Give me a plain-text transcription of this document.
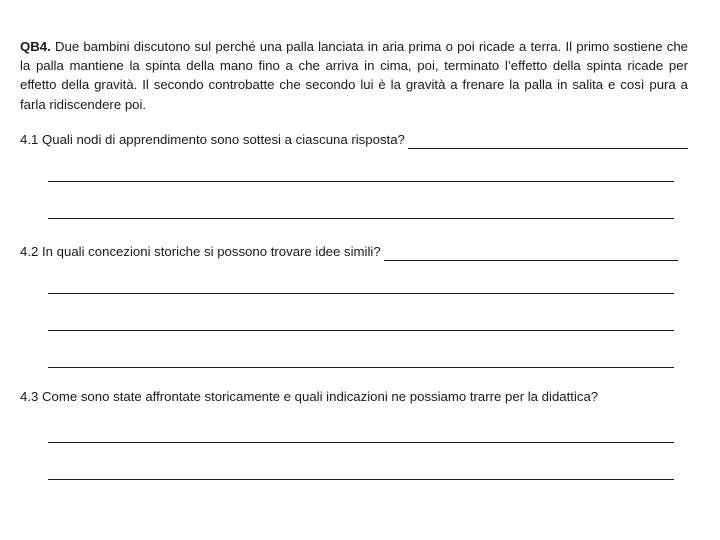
QB4. Due bambini discutono sul perché una palla lanciata in aria prima o poi ricade a terra. Il primo sostiene che la palla mantiene la spinta della mano fino a che arriva in cima, poi, terminato l’effetto della spinta ricade per effetto della gravità. Il secondo controbatte che secondo lui è la gravità a frenare la palla in salita e così pura a farla ridiscendere poi.

4.1 Quali nodi di apprendimento sono sottesi a ciascuna risposta?
4.2 In quali concezioni storiche si possono trovare idee simili?
4.3 Come sono state affrontate storicamente e quali indicazioni ne possiamo trarre per la didattica?
